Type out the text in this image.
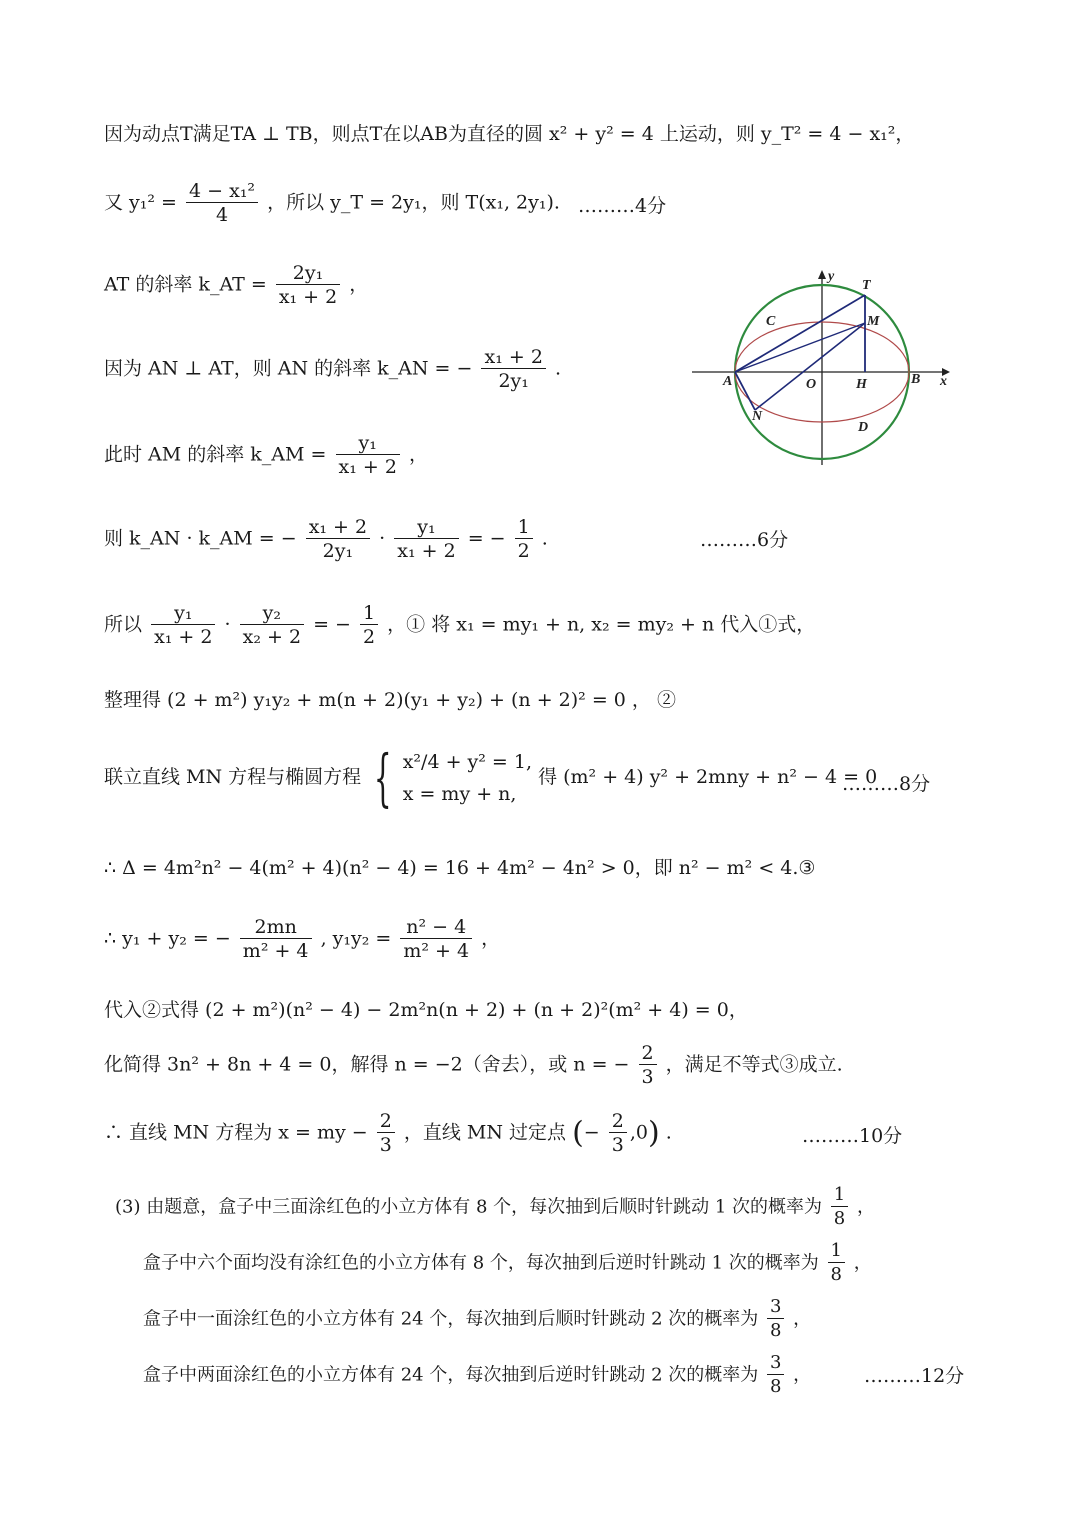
因为动点T满足TA ⊥ TB，则点T在以AB为直径的圆 x² + y² = 4 上运动，则 y_T² = 4 − x₁²，
又 $y_1^2 = \frac{\text{4 − x₁²}}{4}$ ，所以 y_T = 2y₁，则 T(x₁, 2y₁). ………4分
AT 的斜率 k_AT = $\frac{\text{2y₁}}{\text{x₁ + 2}}$ ，
因为 AN ⊥ AT，则 AN 的斜率 k_AN = − $\frac{\text{x₁ + 2}}{\text{2y₁}}$ .
此时 AM 的斜率 k_AM = $\frac{\text{y₁}}{\text{x₁ + 2}}$ ，
则 k_AN · k_AM = − $\frac{\text{x₁ + 2}}{\text{2y₁}} \cdot \frac{\text{y₁}}{\text{x₁ + 2}}$ = − $\frac{1}{2}$ .	………6分
所以 $\frac{\text{y₁}}{\text{x₁ + 2}} \cdot \frac{\text{y₂}}{\text{x₂ + 2}}$ = − $\frac{1}{2}$ ，① 将 x₁ = my₁ + n, x₂ = my₂ + n 代入①式，
整理得 (2 + m²) y₁y₂ + m(n + 2)(y₁ + y₂) + (n + 2)² = 0 ， ②
联立直线 MN 方程与椭圆方程 { x²/4 + y² = 1,
x = my + n,
得 (m² + 4) y² + 2mny + n² − 4 = 0
………8分
∴ Δ = 4m²n² − 4(m² + 4)(n² − 4) = 16 + 4m² − 4n² > 0，即 n² − m² < 4.③
∴ y₁ + y₂ = − $\frac{2mn}{\text{m² + 4}}$ , $y_1y_2 = \frac{\text{n² − 4}}{\text{m² + 4}}$ ，
代入②式得 (2 + m²)(n² − 4) − 2m²n(n + 2) + (n + 2)²(m² + 4) = 0，
化简得 3n² + 8n + 4 = 0，解得 n = −2（舍去），或 n = − $\frac{2}{3}$ ，满足不等式③成立.
∴ 直线 MN 方程为 x = my − $\frac{2}{3}$ ，直线 MN 过定点 (− $\frac{2}{3} ,0$) .	………10分
(3) 由题意，盒子中三面涂红色的小立方体有 8 个，每次抽到后顺时针跳动 1 次的概率为 $\frac{1}{8}$ ，
盒子中六个面均没有涂红色的小立方体有 8 个，每次抽到后逆时针跳动 1 次的概率为 $\frac{1}{8}$ ，
盒子中一面涂红色的小立方体有 24 个，每次抽到后顺时针跳动 2 次的概率为 $\frac{3}{8}$ ，
盒子中两面涂红色的小立方体有 24 个，每次抽到后逆时针跳动 2 次的概率为 $\frac{3}{8}$ ，	………12分
y
T
M
C
A	O	H	B x
N
D
